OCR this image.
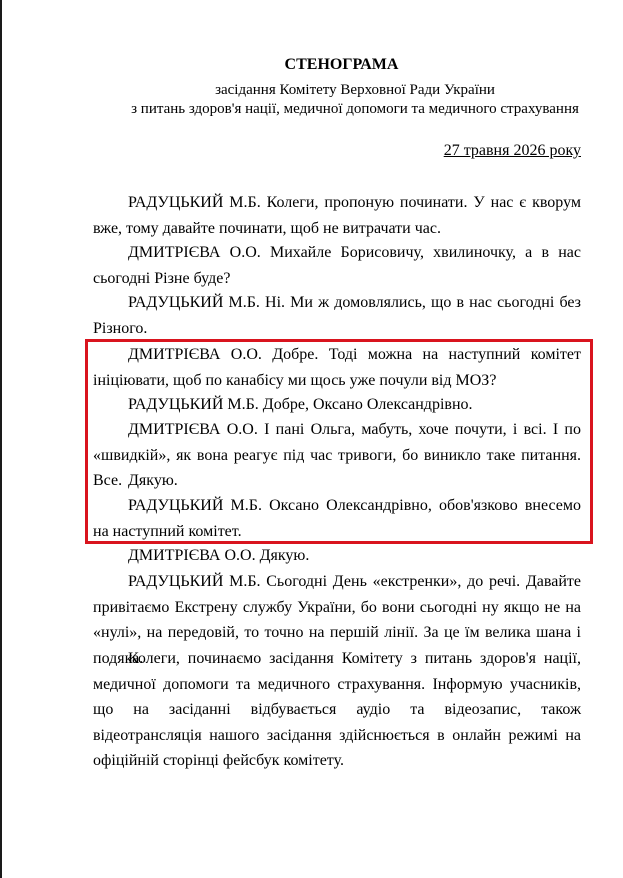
СТЕНОГРАМА
засідання Комітету Верховної Ради України
з питань здоров'я нації, медичної допомоги та медичного страхування
27 травня 2026 року
РАДУЦЬКИЙ М.Б. Колеги, пропоную починати. У нас є кворум вже, тому давайте починати, щоб не витрачати час.
ДМИТРІЄВА О.О. Михайле Борисовичу, хвилиночку, а в нас сьогодні Різне буде?
РАДУЦЬКИЙ М.Б. Ні. Ми ж домовлялись, що в нас сьогодні без Різного.
ДМИТРІЄВА О.О. Добре. Тоді можна на наступний комітет ініціювати, щоб по канабісу ми щось уже почули від МОЗ?
РАДУЦЬКИЙ М.Б. Добре, Оксано Олександрівно.
ДМИТРІЄВА О.О. І пані Ольга, мабуть, хоче почути, і всі. І по «швидкій», як вона реагує під час тривоги, бо виникло таке питання. Все. Дякую.
РАДУЦЬКИЙ М.Б. Оксано Олександрівно, обов'язково внесемо на наступний комітет.
ДМИТРІЄВА О.О. Дякую.
РАДУЦЬКИЙ М.Б. Сьогодні День «екстренки», до речі. Давайте привітаємо Екстрену службу України, бо вони сьогодні ну якщо не на «нулі», на передовій, то точно на першій лінії. За це їм велика шана і подяка.
Колеги, починаємо засідання Комітету з питань здоров'я нації, медичної допомоги та медичного страхування. Інформую учасників, що на засіданні відбувається аудіо та відеозапис, також відеотрансляція нашого засідання здійснюється в онлайн режимі на офіційній сторінці фейсбук комітету.
